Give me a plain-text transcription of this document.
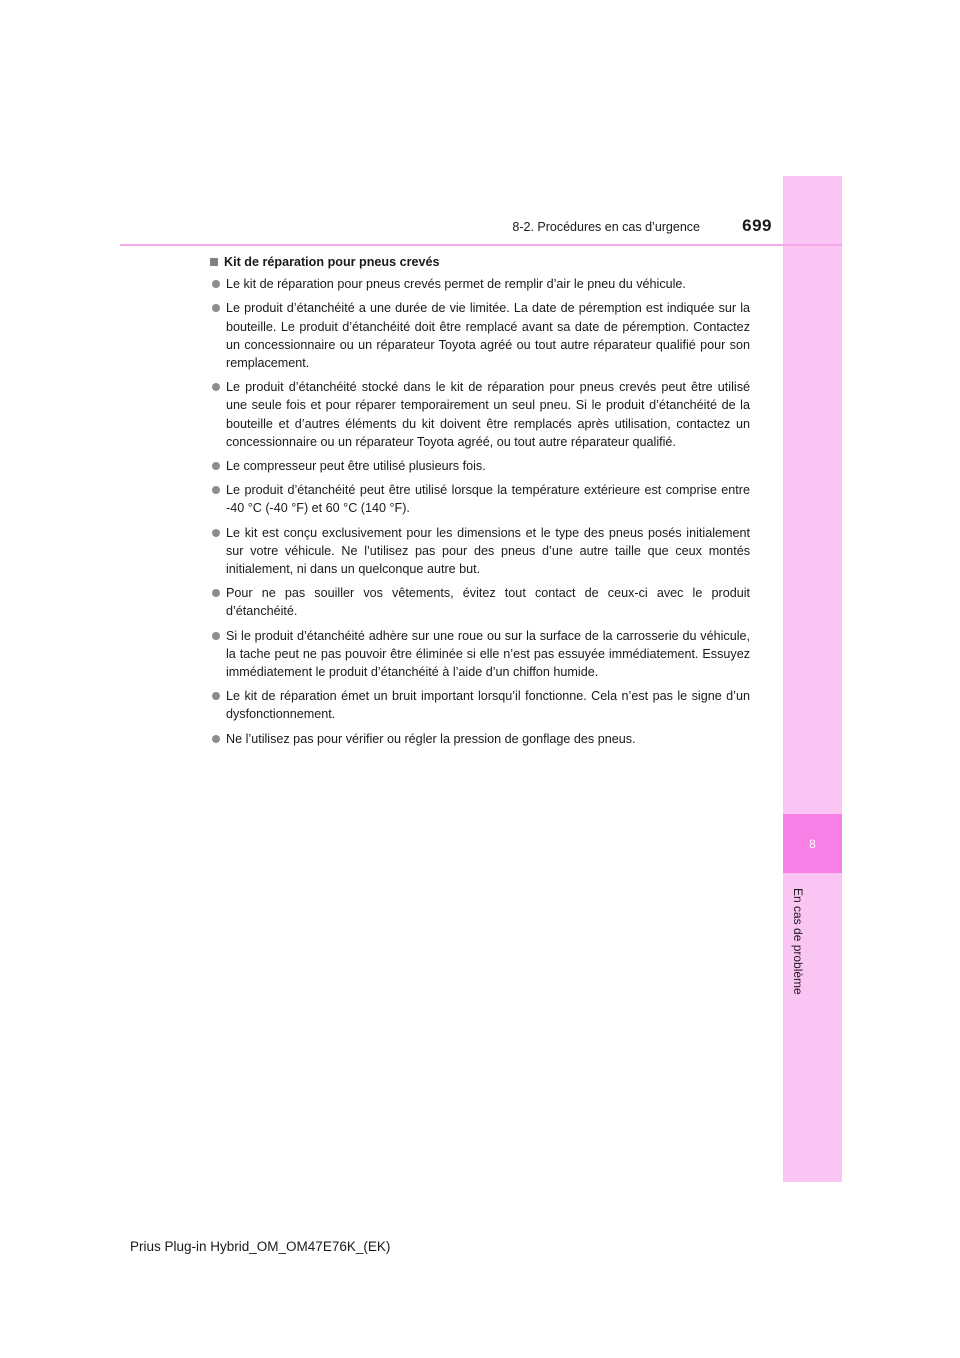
8
En cas de problème
8-2. Procédures en cas d’urgence	699
Kit de réparation pour pneus crevés
Le kit de réparation pour pneus crevés permet de remplir d’air le pneu du véhicule.
Le produit d’étanchéité a une durée de vie limitée. La date de péremption est indiquée sur la bouteille. Le produit d’étanchéité doit être remplacé avant sa date de péremption. Contactez un concessionnaire ou un réparateur Toyota agréé ou tout autre réparateur qualifié pour son remplacement.
Le produit d’étanchéité stocké dans le kit de réparation pour pneus crevés peut être utilisé une seule fois et pour réparer temporairement un seul pneu. Si le produit d’étanchéité de la bouteille et d’autres éléments du kit doivent être remplacés après utilisation, contactez un concessionnaire ou un réparateur Toyota agréé, ou tout autre réparateur qualifié.
Le compresseur peut être utilisé plusieurs fois.
Le produit d’étanchéité peut être utilisé lorsque la température extérieure est comprise entre -40 °C (-40 °F) et 60 °C (140 °F).
Le kit est conçu exclusivement pour les dimensions et le type des pneus posés initialement sur votre véhicule. Ne l’utilisez pas pour des pneus d’une autre taille que ceux montés initialement, ni dans un quelconque autre but.
Pour ne pas souiller vos vêtements, évitez tout contact de ceux-ci avec le produit d’étanchéité.
Si le produit d’étanchéité adhère sur une roue ou sur la surface de la carrosserie du véhicule, la tache peut ne pas pouvoir être éliminée si elle n’est pas essuyée immédiatement. Essuyez immédiatement le produit d’étanchéité à l’aide d’un chiffon humide.
Le kit de réparation émet un bruit important lorsqu’il fonctionne. Cela n’est pas le signe d’un dysfonctionnement.
Ne l’utilisez pas pour vérifier ou régler la pression de gonflage des pneus.
Prius Plug-in Hybrid_OM_OM47E76K_(EK)
